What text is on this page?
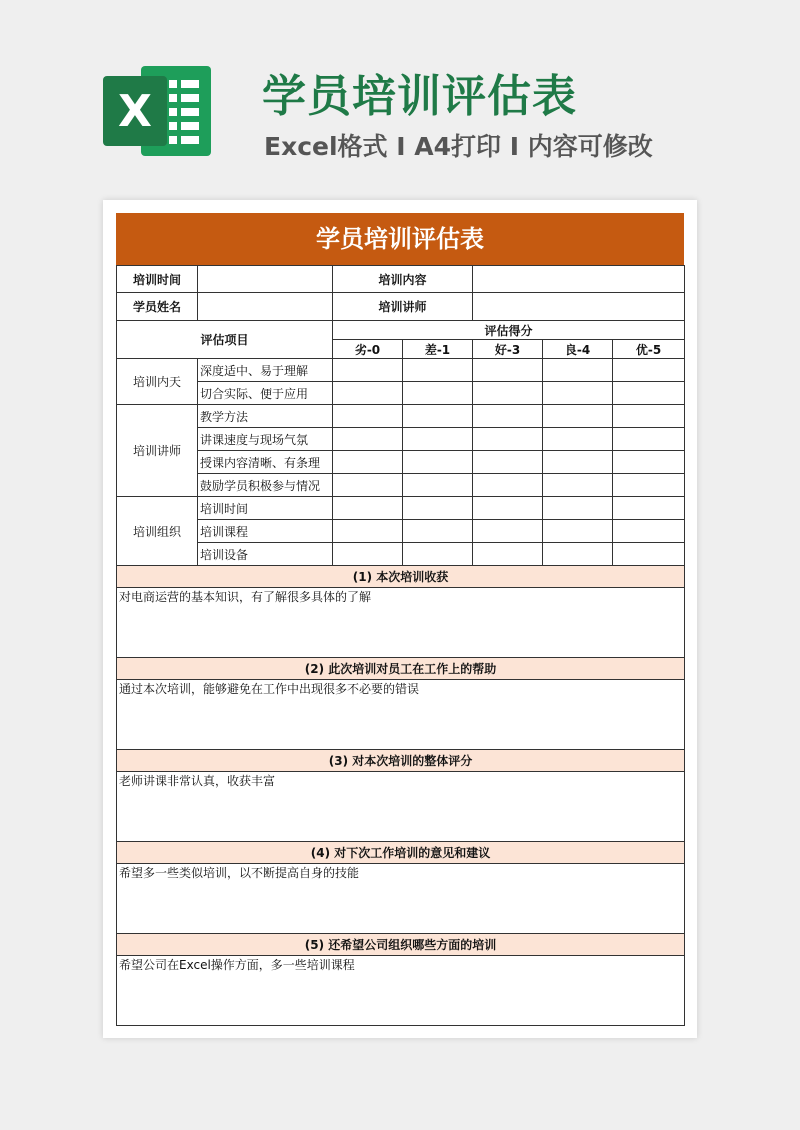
X	学员培训评估表
Excel格式 I A4打印 I 内容可修改
学员培训评估表
培训时间		培训内容				
学员姓名		培训讲师				
评估项目		评估得分				
		劣-0	差-1	好-3	良-4	优-5
培训内天	深度适中、易于理解					
	切合实际、便于应用					
培训讲师	教学方法					
	讲课速度与现场气氛					
	授课内容清晰、有条理					
	鼓励学员积极参与情况					
培训组织	培训时间					
	培训课程					
	培训设备					
(1) 本次培训收获						
对电商运营的基本知识，有了解很多具体的了解						
(2) 此次培训对员工在工作上的帮助						
通过本次培训，能够避免在工作中出现很多不必要的错误						
(3) 对本次培训的整体评分						
老师讲课非常认真，收获丰富						
(4) 对下次工作培训的意见和建议						
希望多一些类似培训，以不断提高自身的技能						
(5) 还希望公司组织哪些方面的培训						
希望公司在Excel操作方面，多一些培训课程						
